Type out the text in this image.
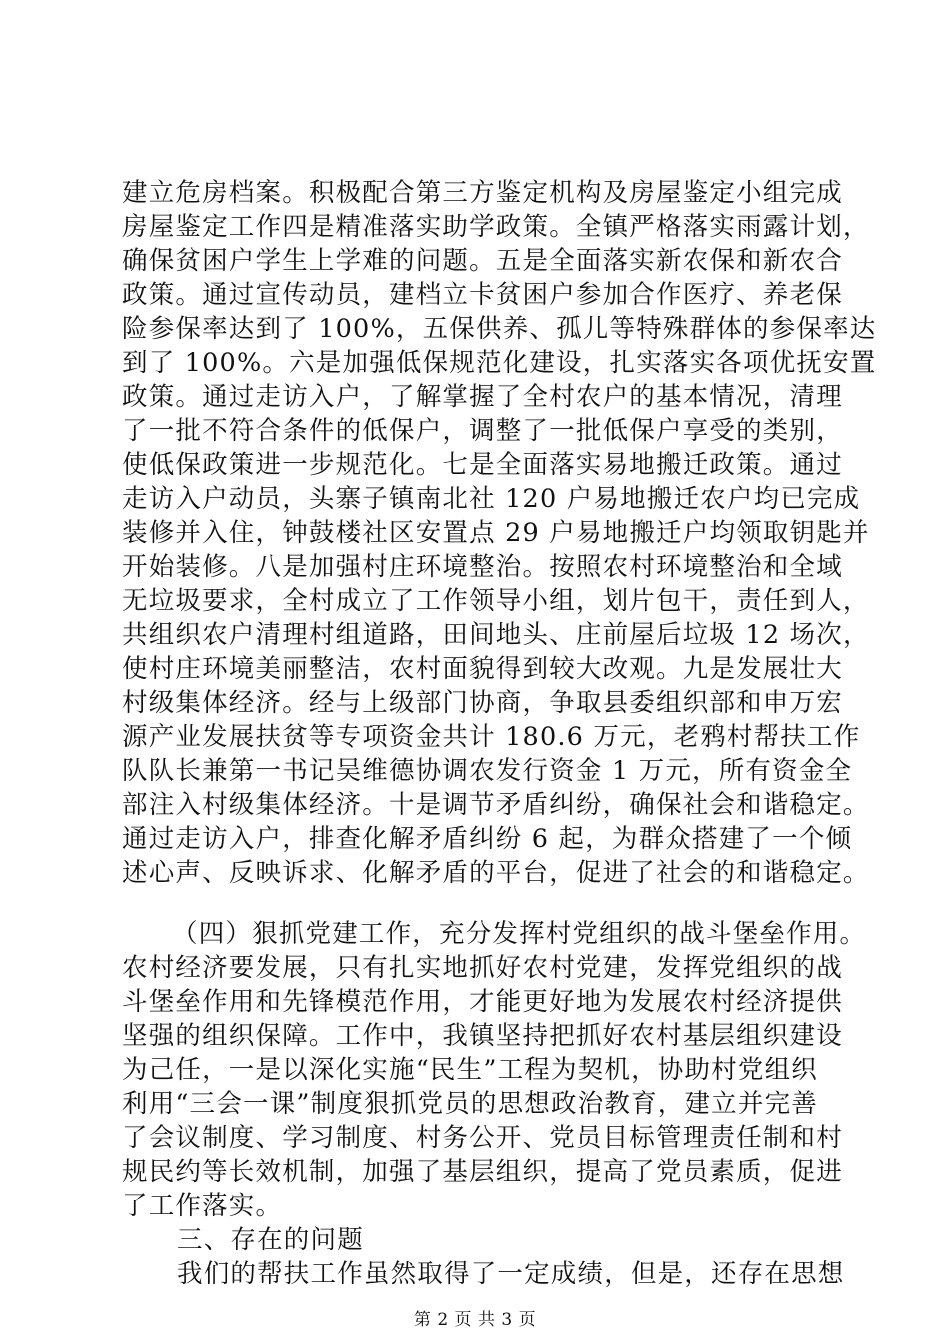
建立危房档案。积极配合第三方鉴定机构及房屋鉴定小组完成
房屋鉴定工作四是精准落实助学政策。全镇严格落实雨露计划，
确保贫困户学生上学难的问题。五是全面落实新农保和新农合
政策。通过宣传动员，建档立卡贫困户参加合作医疗、养老保
险参保率达到了 100%，五保供养、孤儿等特殊群体的参保率达
到了 100%。六是加强低保规范化建设，扎实落实各项优抚安置
政策。通过走访入户，了解掌握了全村农户的基本情况，清理
了一批不符合条件的低保户，调整了一批低保户享受的类别，
使低保政策进一步规范化。七是全面落实易地搬迁政策。通过
走访入户动员，头寨子镇南北社 120 户易地搬迁农户均已完成
装修并入住，钟鼓楼社区安置点 29 户易地搬迁户均领取钥匙并
开始装修。八是加强村庄环境整治。按照农村环境整治和全域
无垃圾要求，全村成立了工作领导小组，划片包干，责任到人，
共组织农户清理村组道路，田间地头、庄前屋后垃圾 12 场次，
使村庄环境美丽整洁，农村面貌得到较大改观。九是发展壮大
村级集体经济。经与上级部门协商，争取县委组织部和申万宏
源产业发展扶贫等专项资金共计 180.6 万元，老鸦村帮扶工作
队队长兼第一书记吴维德协调农发行资金 1 万元，所有资金全
部注入村级集体经济。十是调节矛盾纠纷，确保社会和谐稳定。
通过走访入户，排查化解矛盾纠纷 6 起，为群众搭建了一个倾
述心声、反映诉求、化解矛盾的平台，促进了社会的和谐稳定。
（四）狠抓党建工作，充分发挥村党组织的战斗堡垒作用。
农村经济要发展，只有扎实地抓好农村党建，发挥党组织的战
斗堡垒作用和先锋模范作用，才能更好地为发展农村经济提供
坚强的组织保障。工作中，我镇坚持把抓好农村基层组织建设
为己任，一是以深化实施“民生”工程为契机，协助村党组织
利用“三会一课”制度狠抓党员的思想政治教育，建立并完善
了会议制度、学习制度、村务公开、党员目标管理责任制和村
规民约等长效机制，加强了基层组织，提高了党员素质，促进
了工作落实。
三、存在的问题
我们的帮扶工作虽然取得了一定成绩，但是，还存在思想
第 2 页 共 3 页
